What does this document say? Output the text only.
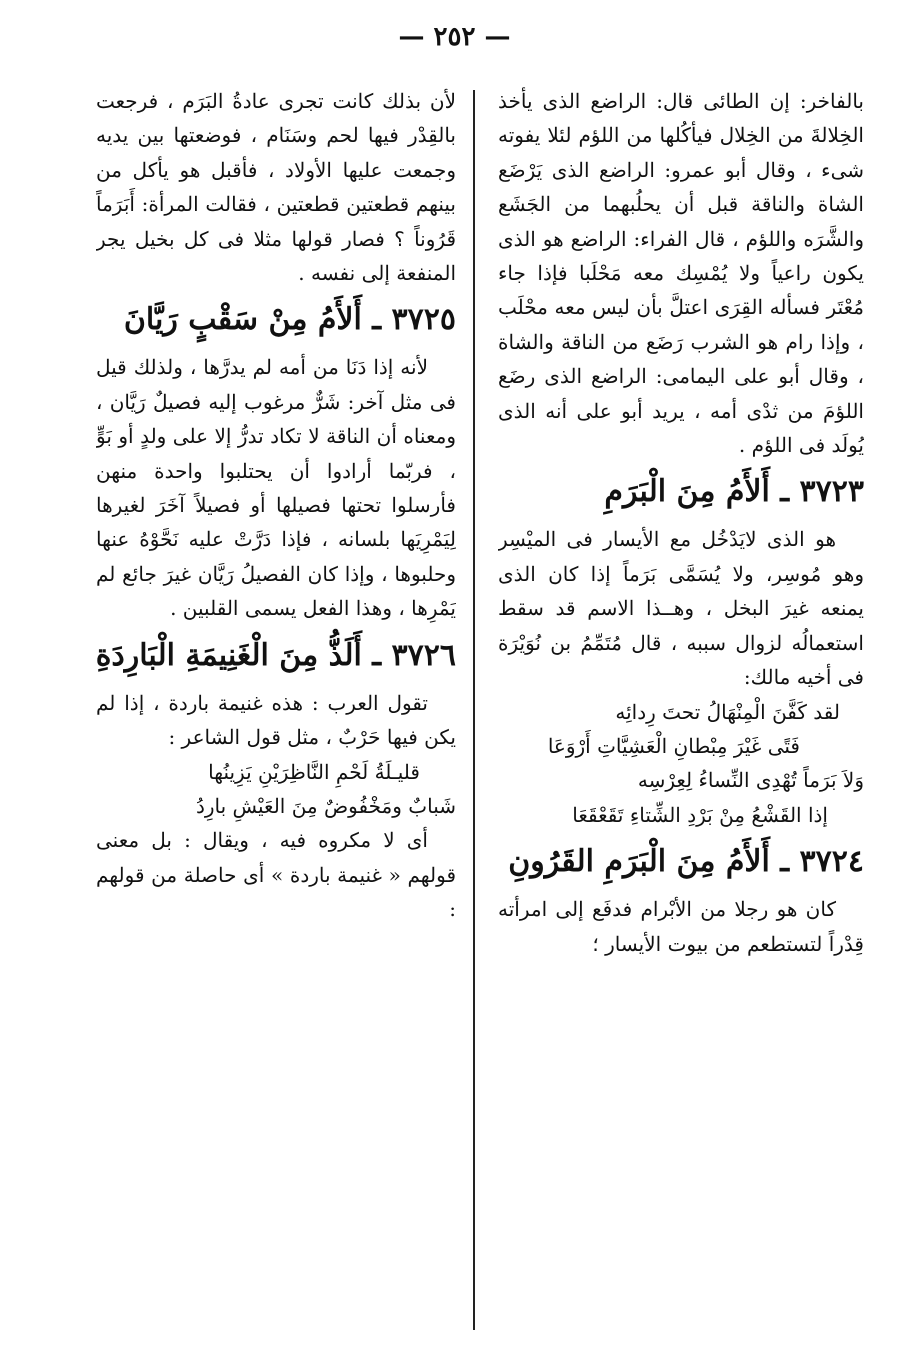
— ٢٥٢ —

بالفاخر: إن الطائى قال: الراضع الذى يأخذ الخِلالةَ من الخِلال فيأكُلها من اللؤم لئلا يفوته شىء ، وقال أبو عمرو: الراضع الذى يَرْضَع الشاة والناقة قبل أن يحلُبهما من الجَشَع والشَّرَه واللؤم ، قال الفراء: الراضع هو الذى يكون راعياً ولا يُمْسِك معه مَحْلَبا فإذا جاء مُعْتَر فسأله القِرَى اعتلَّ بأن ليس معه محْلَب ، وإذا رام هو الشرب رَضَع من الناقة والشاة ، وقال أبو على اليمامى: الراضع الذى رضَع اللؤمَ من ثدْى أمه ، يريد أبو على أنه الذى يُولَد فى اللؤم .

٣٧٢٣ ـ أَلأَمُ مِنَ الْبَرَمِ

هو الذى لايَدْخُل مع الأيسار فى الميْسِر وهو مُوسِر، ولا يُسَمَّى بَرَماً إذا كان الذى يمنعه غيرَ البخل ، وهــذا الاسم قد سقط استعمالُه لزوال سببه ، قال مُتَمِّمُ بن نُوَيْرَة فى أخيه مالك:

لقد كَفَّنَ الْمِنْهَالُ تحتَ رِدائِه

فَتًى غَيْرَ مِبْطانِ الْعَشِيَّاتِ أَرْوَعَا

وَلاَ بَرَماً تُهْدِى النِّساءُ لِعِرْسِه

إذا القَشْعُ مِنْ بَرْدِ الشِّتاءِ تَقَعْقَعَا

٣٧٢٤ ـ أَلأَمُ مِنَ الْبَرَمِ القَرُونِ

كان هو رجلا من الأبْرام فدفَع إلى امرأته قِدْراً لتستطعم من بيوت الأيسار ؛

لأن بذلك كانت تجرى عادةُ البَرَم ، فرجعت بالقِدْر فيها لحم وسَنَام ، فوضعتها بين يديه وجمعت عليها الأولاد ، فأقبل هو يأكل من بينهم قطعتين قطعتين ، فقالت المرأة: أَبَرَماً قَرُوناً ؟ فصار قولها مثلا فى كل بخيل يجر المنفعة إلى نفسه .

٣٧٢٥ ـ أَلأَمُ مِنْ سَقْبٍ رَيَّانَ

لأنه إذا دَنَا من أمه لم يدرَّها ، ولذلك قيل فى مثل آخر: شَرٌّ مرغوب إليه فصيلٌ رَيَّان ، ومعناه أن الناقة لا تكاد تدرُّ إلا على ولدٍ أو بَوٍّ ، فربّما أرادوا أن يحتلبوا واحدة منهن فأرسلوا تحتها فصيلها أو فصيلاً آخَرَ لغيرها لِيَمْرِيَها بلسانه ، فإذا دَرَّتْ عليه نَحَّوْهُ عنها وحلبوها ، وإذا كان الفصيلُ رَيَّان غيرَ جائع لم يَمْرِها ، وهذا الفعل يسمى القلبين .

٣٧٢٦ ـ أَلَذُّ مِنَ الْغَنِيمَةِ الْبَارِدَةِ

تقول العرب : هذه غنيمة باردة ، إذا لم يكن فيها حَرْبٌ ، مثل قول الشاعر :

قليـلَةُ لَحْمِ النَّاظِرَيْنِ يَزِينُها

شَبابٌ ومَخْفُوضٌ مِنَ العَيْشِ بارِدُ

أى لا مكروه فيه ، ويقال : بل معنى قولهم « غنيمة باردة » أى حاصلة من قولهم :
